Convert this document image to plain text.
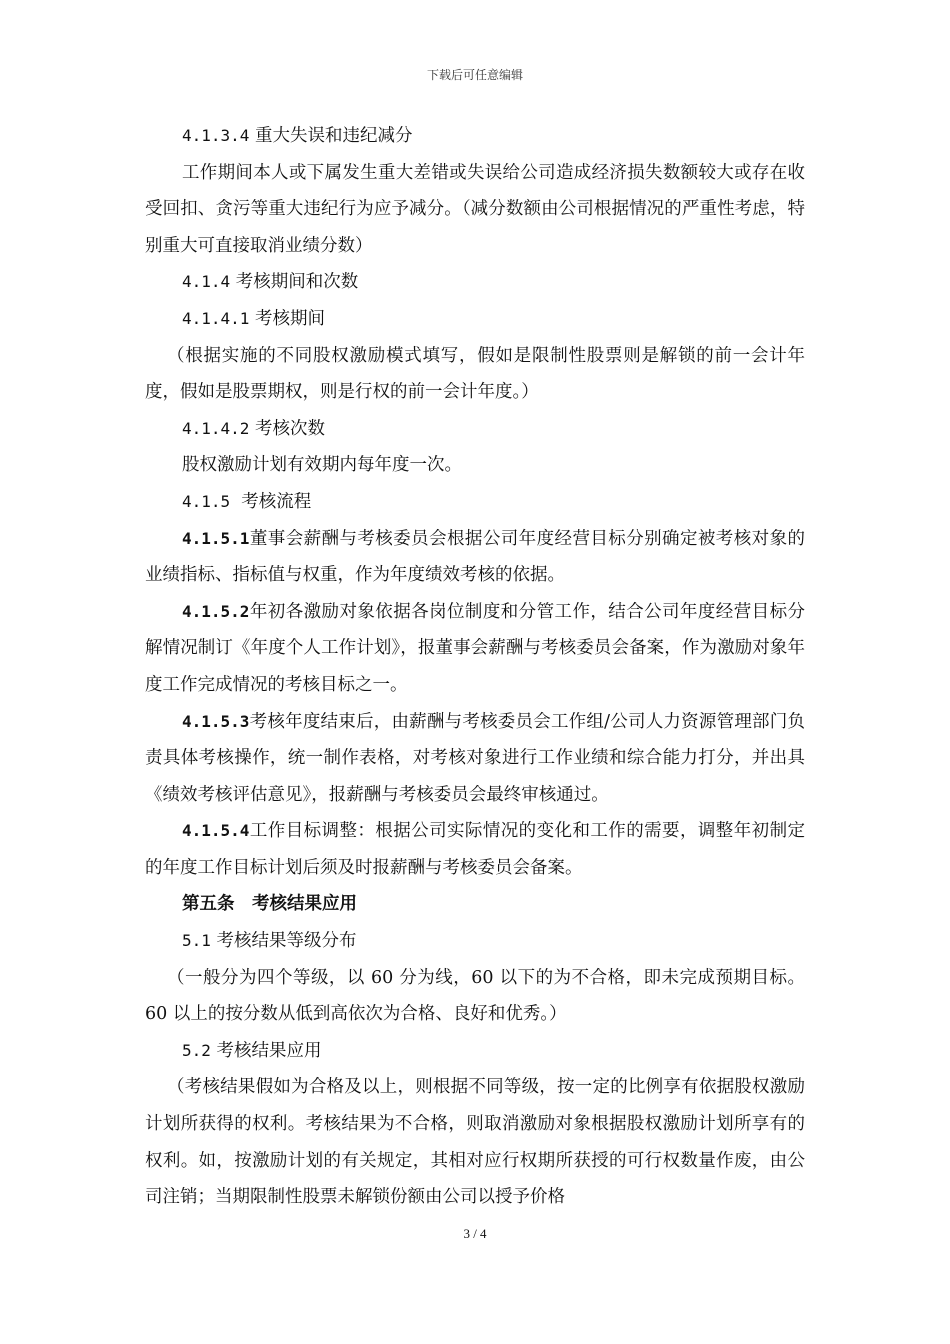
下载后可任意编辑

4.1.3.4 重大失误和违纪减分

工作期间本人或下属发生重大差错或失误给公司造成经济损失数额较大或存在收受回扣、贪污等重大违纪行为应予减分。（减分数额由公司根据情况的严重性考虑，特别重大可直接取消业绩分数）

4.1.4 考核期间和次数

4.1.4.1 考核期间

（根据实施的不同股权激励模式填写，假如是限制性股票则是解锁的前一会计年度，假如是股票期权，则是行权的前一会计年度。）

4.1.4.2 考核次数

股权激励计划有效期内每年度一次。

4.1.5  考核流程

4.1.5.1董事会薪酬与考核委员会根据公司年度经营目标分别确定被考核对象的业绩指标、指标值与权重，作为年度绩效考核的依据。

4.1.5.2年初各激励对象依据各岗位制度和分管工作，结合公司年度经营目标分解情况制订《年度个人工作计划》，报董事会薪酬与考核委员会备案，作为激励对象年度工作完成情况的考核目标之一。

4.1.5.3考核年度结束后，由薪酬与考核委员会工作组/公司人力资源管理部门负责具体考核操作，统一制作表格，对考核对象进行工作业绩和综合能力打分，并出具《绩效考核评估意见》，报薪酬与考核委员会最终审核通过。

4.1.5.4工作目标调整：根据公司实际情况的变化和工作的需要，调整年初制定的年度工作目标计划后须及时报薪酬与考核委员会备案。

第五条　考核结果应用

5.1 考核结果等级分布

（一般分为四个等级，以 60 分为线，60 以下的为不合格，即未完成预期目标。60 以上的按分数从低到高依次为合格、良好和优秀。）

5.2 考核结果应用

（考核结果假如为合格及以上，则根据不同等级，按一定的比例享有依据股权激励计划所获得的权利。考核结果为不合格，则取消激励对象根据股权激励计划所享有的权利。如，按激励计划的有关规定，其相对应行权期所获授的可行权数量作废，由公司注销；当期限制性股票未解锁份额由公司以授予价格

3 / 4
